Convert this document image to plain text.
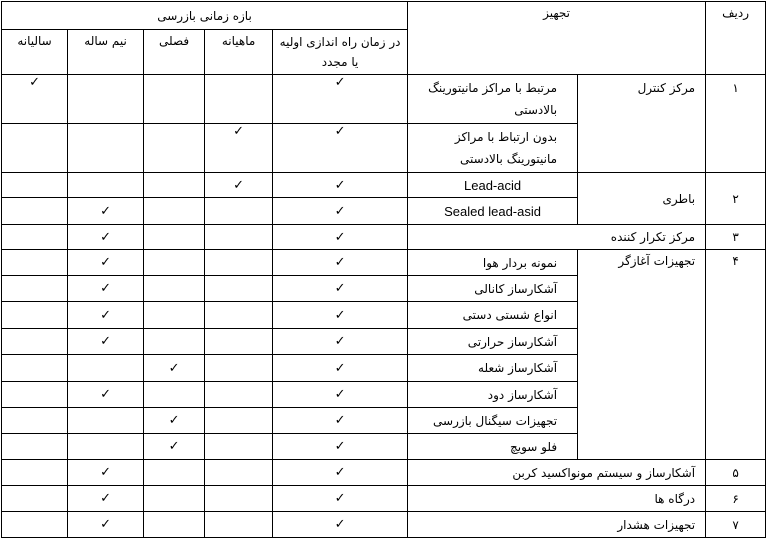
ردیف	تجهیز		بازه زمانی بازرسی				
			در زمان راه اندازی اولیه یا مجدد	ماهیانه	فصلی	نیم ساله	سالیانه
۱	مرکز کنترل	مرتبط با مراکز مانیتورینگ بالادستی	✓				✓
		بدون ارتباط با مراکز مانیتورینگ بالادستی	✓	✓			
۲	باطری	Lead-acid	✓	✓			
		Sealed lead-asid	✓			✓	
۳	مرکز تکرار کننده		✓			✓	
۴	تجهیزات آغازگر	نمونه بردار هوا	✓			✓	
		آشکارساز کانالی	✓			✓	
		انواع شستی دستی	✓			✓	
		آشکارساز حرارتی	✓			✓	
		آشکارساز شعله	✓		✓		
		آشکارساز دود	✓			✓	
		تجهیزات سیگنال بازرسی	✓		✓		
		فلو سویچ	✓		✓		
۵	آشکارساز و سیستم مونواکسید کربن		✓			✓	
۶	درگاه ها		✓			✓	
۷	تجهیزات هشدار		✓			✓	
